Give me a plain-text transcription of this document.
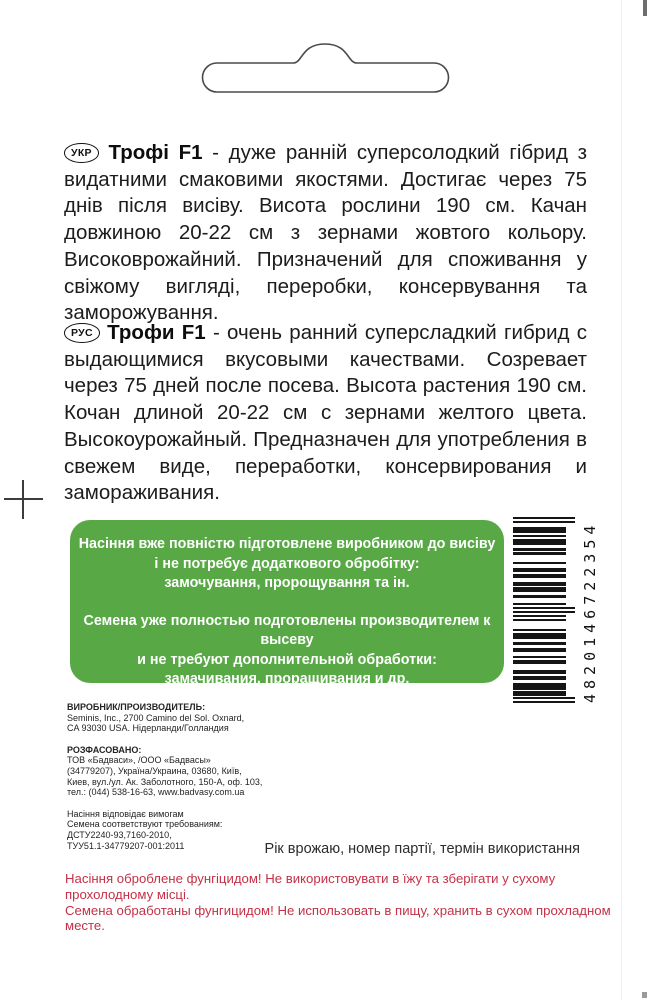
УКР Трофі F1 - дуже ранній суперсолодкий гібрид з видатними смаковими якостями. Достигає через 75 днів після висіву. Висота рослини 190 см. Качан довжиною 20-22 см з зернами жовтого кольору. Високоврожайний. Призначений для споживання у свіжому вигляді, переробки, консервування та заморожування.

РУС Трофи F1 - очень ранний суперсладкий гибрид с выдающимися вкусовыми качествами. Созревает через 75 дней после посева. Высота растения 190 см. Кочан длиной 20-22 см с зернами желтого цвета. Высокоурожайный. Предназначен для употребления в свежем виде, переработки, консервирования и замораживания.

Насіння вже повністю підготовлене виробником до висіву
і не потребує додаткового обробітку:
замочування, пророщування та ін.
Семена уже полностью подготовлены производителем к высеву
и не требуют дополнительной обработки:
замачивания, проращивания и др.	4820146722354
ВИРОБНИК/ПРОИЗВОДИТЕЛЬ:
Seminis, Inc., 2700 Camino del Sol. Oxnard,
CA 93030 USA. Нідерланди/Голландия
РОЗФАСОВАНО:
ТОВ «Бадваси», /ООО «Бадвасы»
(34779207), Україна/Украина, 03680, Київ,
Киев, вул./ул. Ак. Заболотного, 150-А, оф. 103,
тел.: (044) 538-16-63, www.badvasy.com.ua
Насіння відповідає вимогам
Семена соответствуют требованиям:
ДСТУ2240-93,7160-2010,
ТУУ51.1-34779207-001:2011	Рік врожаю, номер партії, термін використання
Насіння оброблене фунгіцидом! Не використовувати в їжу та зберігати у сухому прохолодному місці.
Семена обработаны фунгицидом! Не использовать в пищу, хранить в сухом прохладном месте.
